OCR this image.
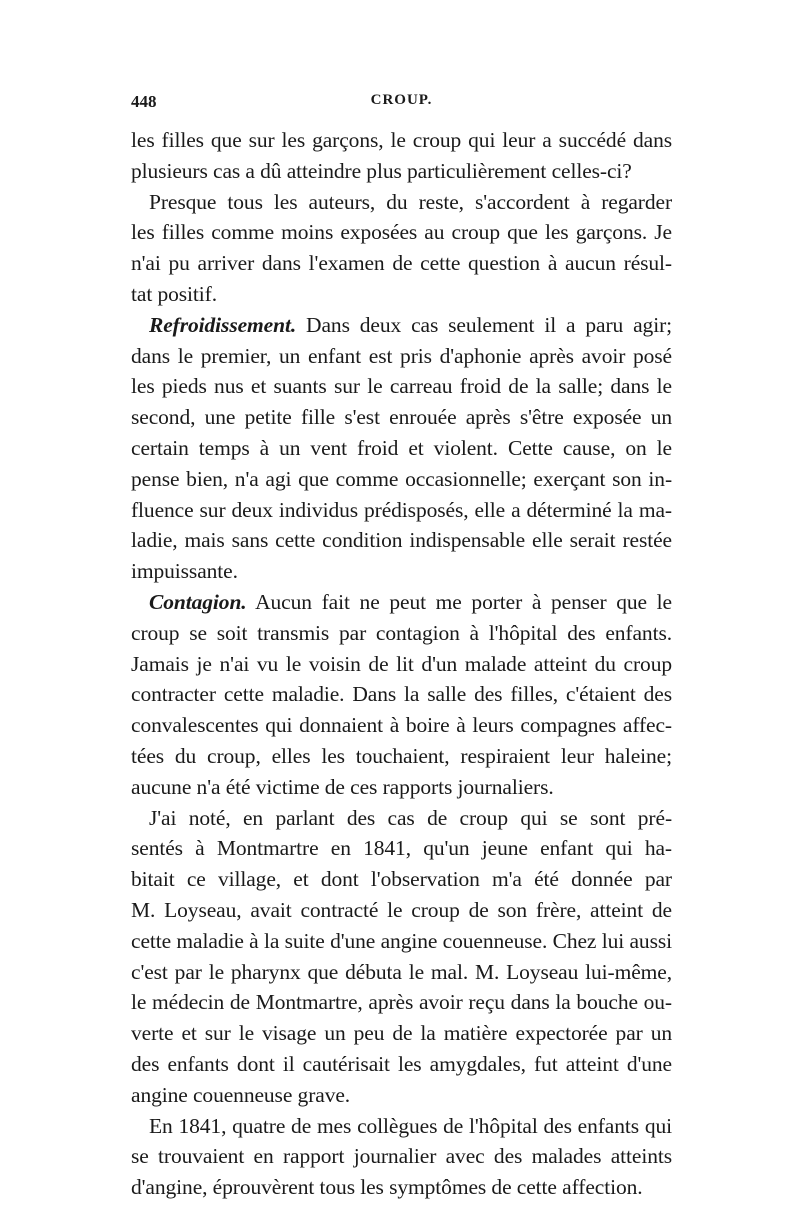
448	CROUP.
les filles que sur les garçons, le croup qui leur a succédé dans
plusieurs cas a dû atteindre plus particulièrement celles-ci?
Presque tous les auteurs, du reste, s'accordent à regarder
les filles comme moins exposées au croup que les garçons. Je
n'ai pu arriver dans l'examen de cette question à aucun résul-
tat positif.
Refroidissement. Dans deux cas seulement il a paru agir;
dans le premier, un enfant est pris d'aphonie après avoir posé
les pieds nus et suants sur le carreau froid de la salle; dans le
second, une petite fille s'est enrouée après s'être exposée un
certain temps à un vent froid et violent. Cette cause, on le
pense bien, n'a agi que comme occasionnelle; exerçant son in-
fluence sur deux individus prédisposés, elle a déterminé la ma-
ladie, mais sans cette condition indispensable elle serait restée
impuissante.
Contagion. Aucun fait ne peut me porter à penser que le
croup se soit transmis par contagion à l'hôpital des enfants.
Jamais je n'ai vu le voisin de lit d'un malade atteint du croup
contracter cette maladie. Dans la salle des filles, c'étaient des
convalescentes qui donnaient à boire à leurs compagnes affec-
tées du croup, elles les touchaient, respiraient leur haleine;
aucune n'a été victime de ces rapports journaliers.
J'ai noté, en parlant des cas de croup qui se sont pré-
sentés à Montmartre en 1841, qu'un jeune enfant qui ha-
bitait ce village, et dont l'observation m'a été donnée par
M. Loyseau, avait contracté le croup de son frère, atteint de
cette maladie à la suite d'une angine couenneuse. Chez lui aussi
c'est par le pharynx que débuta le mal. M. Loyseau lui-même,
le médecin de Montmartre, après avoir reçu dans la bouche ou-
verte et sur le visage un peu de la matière expectorée par un
des enfants dont il cautérisait les amygdales, fut atteint d'une
angine couenneuse grave.
En 1841, quatre de mes collègues de l'hôpital des enfants qui
se trouvaient en rapport journalier avec des malades atteints
d'angine, éprouvèrent tous les symptômes de cette affection.
